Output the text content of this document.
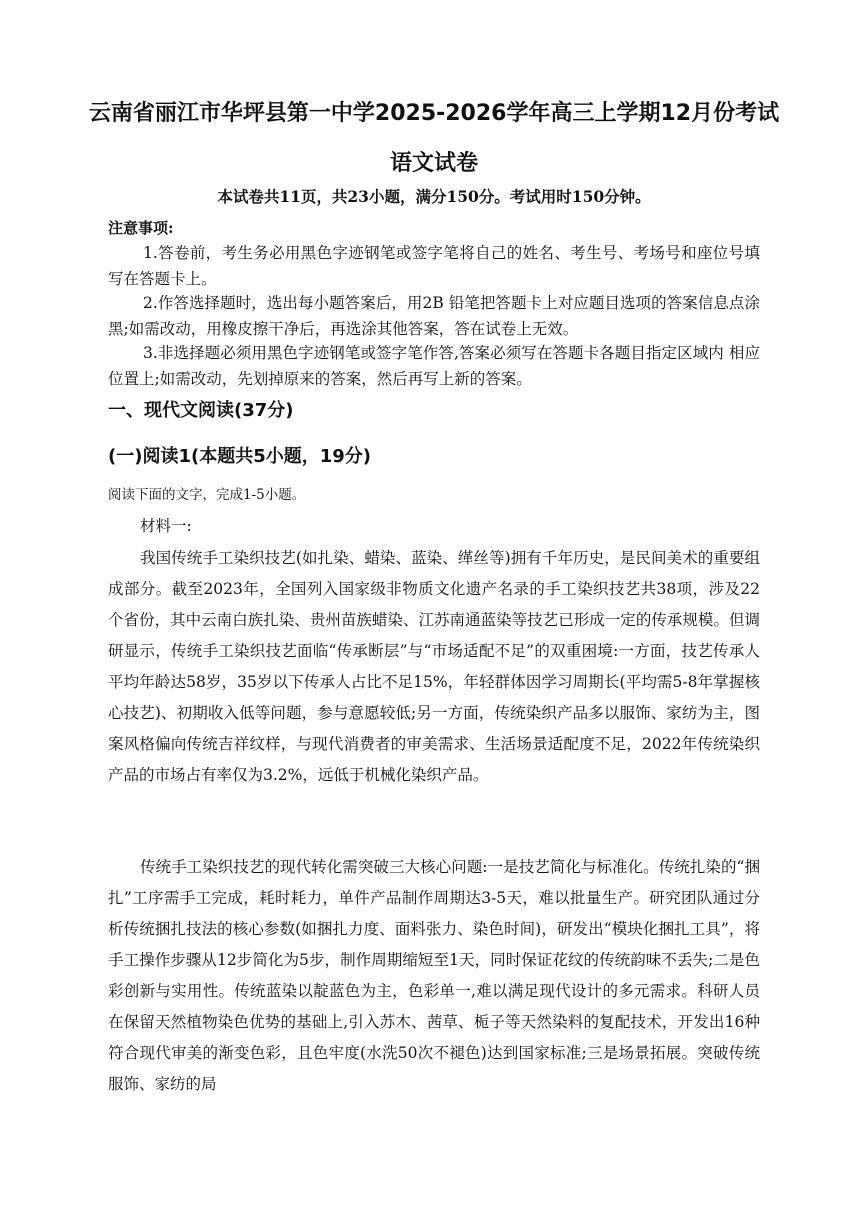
云南省丽江市华坪县第一中学2025-2026学年高三上学期12月份考试
语文试卷
本试卷共11页，共23小题，满分150分。考试用时150分钟。
注意事项:
1.答卷前，考生务必用黑色字迹钢笔或签字笔将自己的姓名、考生号、考场号和座位号填写在答题卡上。
2.作答选择题时，选出每小题答案后，用2B 铅笔把答题卡上对应题目选项的答案信息点涂黑;如需改动，用橡皮擦干净后，再选涂其他答案，答在试卷上无效。
3.非选择题必须用黑色字迹钢笔或签字笔作答,答案必须写在答题卡各题目指定区域内 相应位置上;如需改动，先划掉原来的答案，然后再写上新的答案。
一、现代文阅读(37分)
(一)阅读1(本题共5小题，19分)
阅读下面的文字，完成1-5小题。
材料一:
我国传统手工染织技艺(如扎染、蜡染、蓝染、缂丝等)拥有千年历史，是民间美术的重要组成部分。截至2023年，全国列入国家级非物质文化遗产名录的手工染织技艺共38项，涉及22个省份，其中云南白族扎染、贵州苗族蜡染、江苏南通蓝染等技艺已形成一定的传承规模。但调研显示，传统手工染织技艺面临“传承断层”与“市场适配不足”的双重困境:一方面，技艺传承人平均年龄达58岁，35岁以下传承人占比不足15%，年轻群体因学习周期长(平均需5-8年掌握核心技艺)、初期收入低等问题，参与意愿较低;另一方面，传统染织产品多以服饰、家纺为主，图案风格偏向传统吉祥纹样，与现代消费者的审美需求、生活场景适配度不足，2022年传统染织产品的市场占有率仅为3.2%，远低于机械化染织产品。
传统手工染织技艺的现代转化需突破三大核心问题:一是技艺简化与标准化。传统扎染的“捆扎”工序需手工完成，耗时耗力，单件产品制作周期达3-5天，难以批量生产。研究团队通过分析传统捆扎技法的核心参数(如捆扎力度、面料张力、染色时间)，研发出“模块化捆扎工具”，将手工操作步骤从12步简化为5步，制作周期缩短至1天，同时保证花纹的传统韵味不丢失;二是色彩创新与实用性。传统蓝染以靛蓝色为主，色彩单一,难以满足现代设计的多元需求。科研人员在保留天然植物染色优势的基础上,引入苏木、茜草、栀子等天然染料的复配技术，开发出16种符合现代审美的渐变色彩，且色牢度(水洗50次不褪色)达到国家标准;三是场景拓展。突破传统服饰、家纺的局
